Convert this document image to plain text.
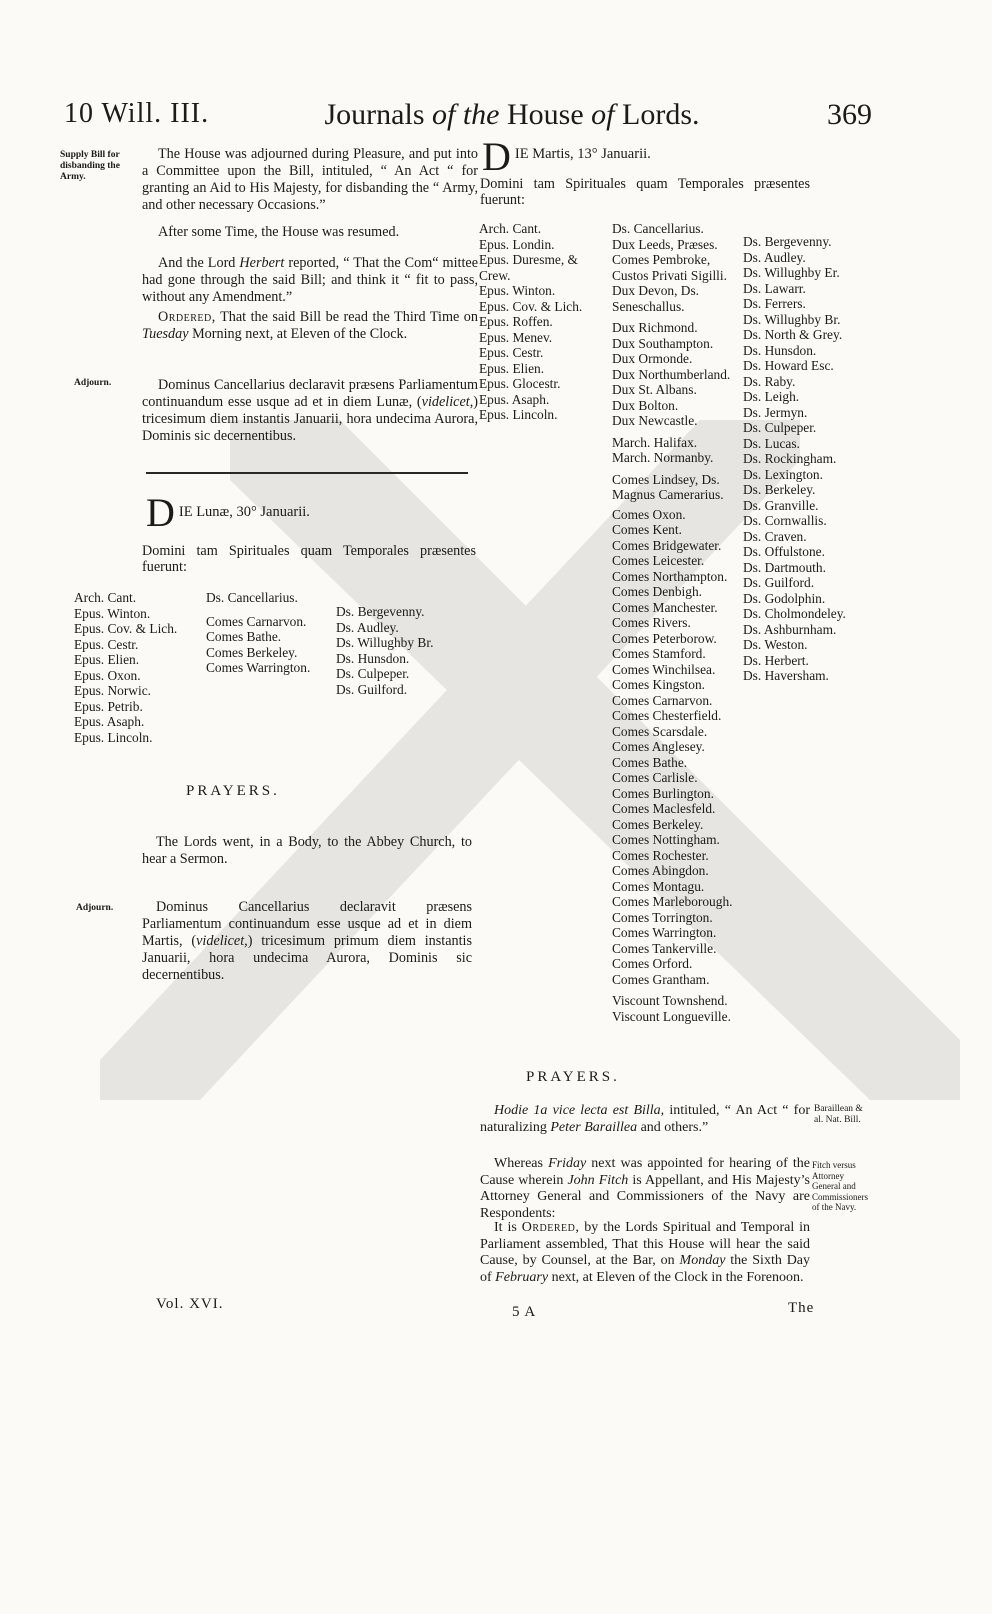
10 Will. III.	Journals of the House of Lords.	369
Supply Bill for disbanding the Army.
The House was adjourned during Pleasure, and put into a Committee upon the Bill, intituled, “ An Act “ for granting an Aid to His Majesty, for disbanding the “ Army, and other necessary Occasions.”
After some Time, the House was resumed.
And the Lord Herbert reported, “ That the Com“ mittee had gone through the said Bill; and think it “ fit to pass, without any Amendment.”
Ordered, That the said Bill be read the Third Time on Tuesday Morning next, at Eleven of the Clock.
Adjourn.	Dominus Cancellarius declaravit præsens Parliamentum continuandum esse usque ad et in diem Lunæ, (videlicet,) tricesimum diem instantis Januarii, hora undecima Aurora, Dominis sic decernentibus.
D IE Lunæ, 30° Januarii.
Domini tam Spirituales quam Temporales præsentes fuerunt:
Arch. Cant.
Epus. Winton.
Epus. Cov. & Lich.
Epus. Cestr.
Epus. Elien.
Epus. Oxon.
Epus. Norwic.
Epus. Petrib.
Epus. Asaph.
Epus. Lincoln.
Ds. Cancellarius.
Comes Carnarvon.
Comes Bathe.
Comes Berkeley.
Comes Warrington.
Ds. Bergevenny.
Ds. Audley.
Ds. Willughby Br.
Ds. Hunsdon.
Ds. Culpeper.
Ds. Guilford.
PRAYERS.
The Lords went, in a Body, to the Abbey Church, to hear a Sermon.
Adjourn.	Dominus Cancellarius declaravit præsens Parliamentum continuandum esse usque ad et in diem Martis, (videlicet,) tricesimum primum diem instantis Januarii, hora undecima Aurora, Dominis sic decernentibus.
Vol. XVI.
D IE Martis, 13° Januarii.
Domini tam Spirituales quam Temporales præsentes fuerunt:
Arch. Cant.
Epus. Londin.
Epus. Duresme, & Crew.
Epus. Winton.
Epus. Cov. & Lich.
Epus. Roffen.
Epus. Menev.
Epus. Cestr.
Epus. Elien.
Epus. Glocestr.
Epus. Asaph.
Epus. Lincoln.
Ds. Cancellarius.
Dux Leeds, Præses.
Comes Pembroke, Custos Privati Sigilli.
Dux Devon, Ds. Seneschallus.
Dux Richmond.
Dux Southampton.
Dux Ormonde.
Dux Northumberland.
Dux St. Albans.
Dux Bolton.
Dux Newcastle.
March. Halifax.
March. Normanby.
Comes Lindsey, Ds. Magnus Camerarius.
Comes Oxon.
Comes Kent.
Comes Bridgewater.
Comes Leicester.
Comes Northampton.
Comes Denbigh.
Comes Manchester.
Comes Rivers.
Comes Peterborow.
Comes Stamford.
Comes Winchilsea.
Comes Kingston.
Comes Carnarvon.
Comes Chesterfield.
Comes Scarsdale.
Comes Anglesey.
Comes Bathe.
Comes Carlisle.
Comes Burlington.
Comes Maclesfeld.
Comes Berkeley.
Comes Nottingham.
Comes Rochester.
Comes Abingdon.
Comes Montagu.
Comes Marleborough.
Comes Torrington.
Comes Warrington.
Comes Tankerville.
Comes Orford.
Comes Grantham.
Viscount Townshend.
Viscount Longueville.
Ds. Bergevenny.
Ds. Audley.
Ds. Willughby Er.
Ds. Lawarr.
Ds. Ferrers.
Ds. Willughby Br.
Ds. North & Grey.
Ds. Hunsdon.
Ds. Howard Esc.
Ds. Raby.
Ds. Leigh.
Ds. Jermyn.
Ds. Culpeper.
Ds. Lucas.
Ds. Rockingham.
Ds. Lexington.
Ds. Berkeley.
Ds. Granville.
Ds. Cornwallis.
Ds. Craven.
Ds. Offulstone.
Ds. Dartmouth.
Ds. Guilford.
Ds. Godolphin.
Ds. Cholmondeley.
Ds. Ashburnham.
Ds. Weston.
Ds. Herbert.
Ds. Haversham.
PRAYERS.
Hodie 1a vice lecta est Billa, intituled, “ An Act “ for naturalizing Peter Baraillea and others.”
Baraillean & al. Nat. Bill.
Whereas Friday next was appointed for hearing of the Cause wherein John Fitch is Appellant, and His Majesty’s Attorney General and Commissioners of the Navy are Respondents:
Fitch versus Attorney General and Commissioners of the Navy.
It is Ordered, by the Lords Spiritual and Temporal in Parliament assembled, That this House will hear the said Cause, by Counsel, at the Bar, on Monday the Sixth Day of February next, at Eleven of the Clock in the Forenoon.
5 A	The
